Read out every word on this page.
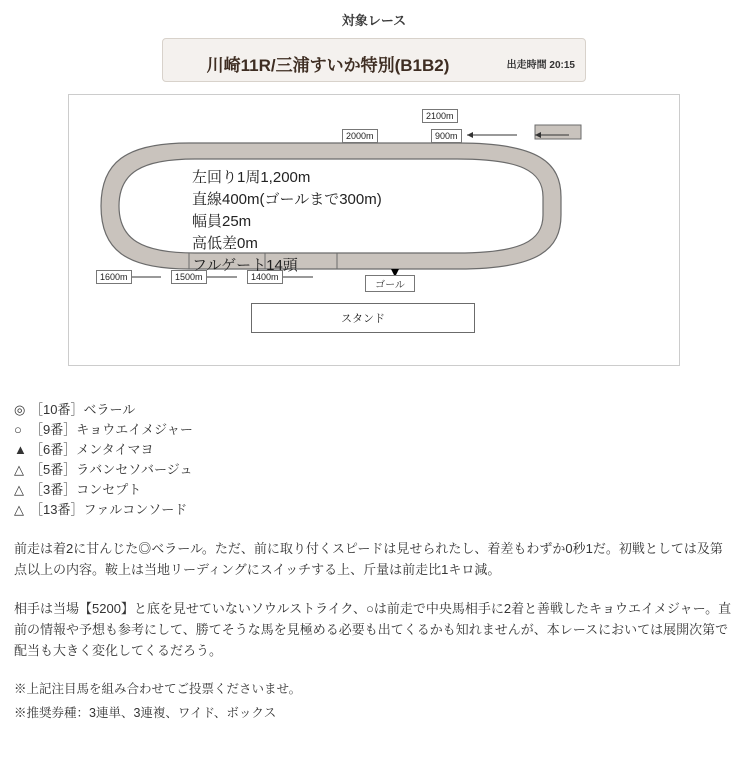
対象レース
川崎11R/三浦すいか特別(B1B2)	出走時間 20:15
2100m
2000m	900m
1600m	1500m	1400m
ゴール
左回り1周1,200m
直線400m(ゴールまで300m)
幅員25m
高低差0m
フルゲート14頭
スタンド
◎ ［10番］ベラール
○ ［9番］キョウエイメジャー
▲ ［6番］メンタイマヨ
△ ［5番］ラバンセソバージュ
△ ［3番］コンセプト
△ ［13番］ファルコンソード
前走は着2に甘んじた◎ベラール。ただ、前に取り付くスピードは見せられたし、着差もわずか0秒1だ。初戦としては及第点以上の内容。鞍上は当地リーディングにスイッチする上、斤量は前走比1キロ減。
相手は当場【5200】と底を見せていないソウルストライク、○は前走で中央馬相手に2着と善戦したキョウエイメジャー。直前の情報や予想も参考にして、勝てそうな馬を見極める必要も出てくるかも知れませんが、本レースにおいては展開次第で配当も大きく変化してくるだろう。
※上記注目馬を組み合わせてご投票くださいませ。
※推奨券種：3連単、3連複、ワイド、ボックス
